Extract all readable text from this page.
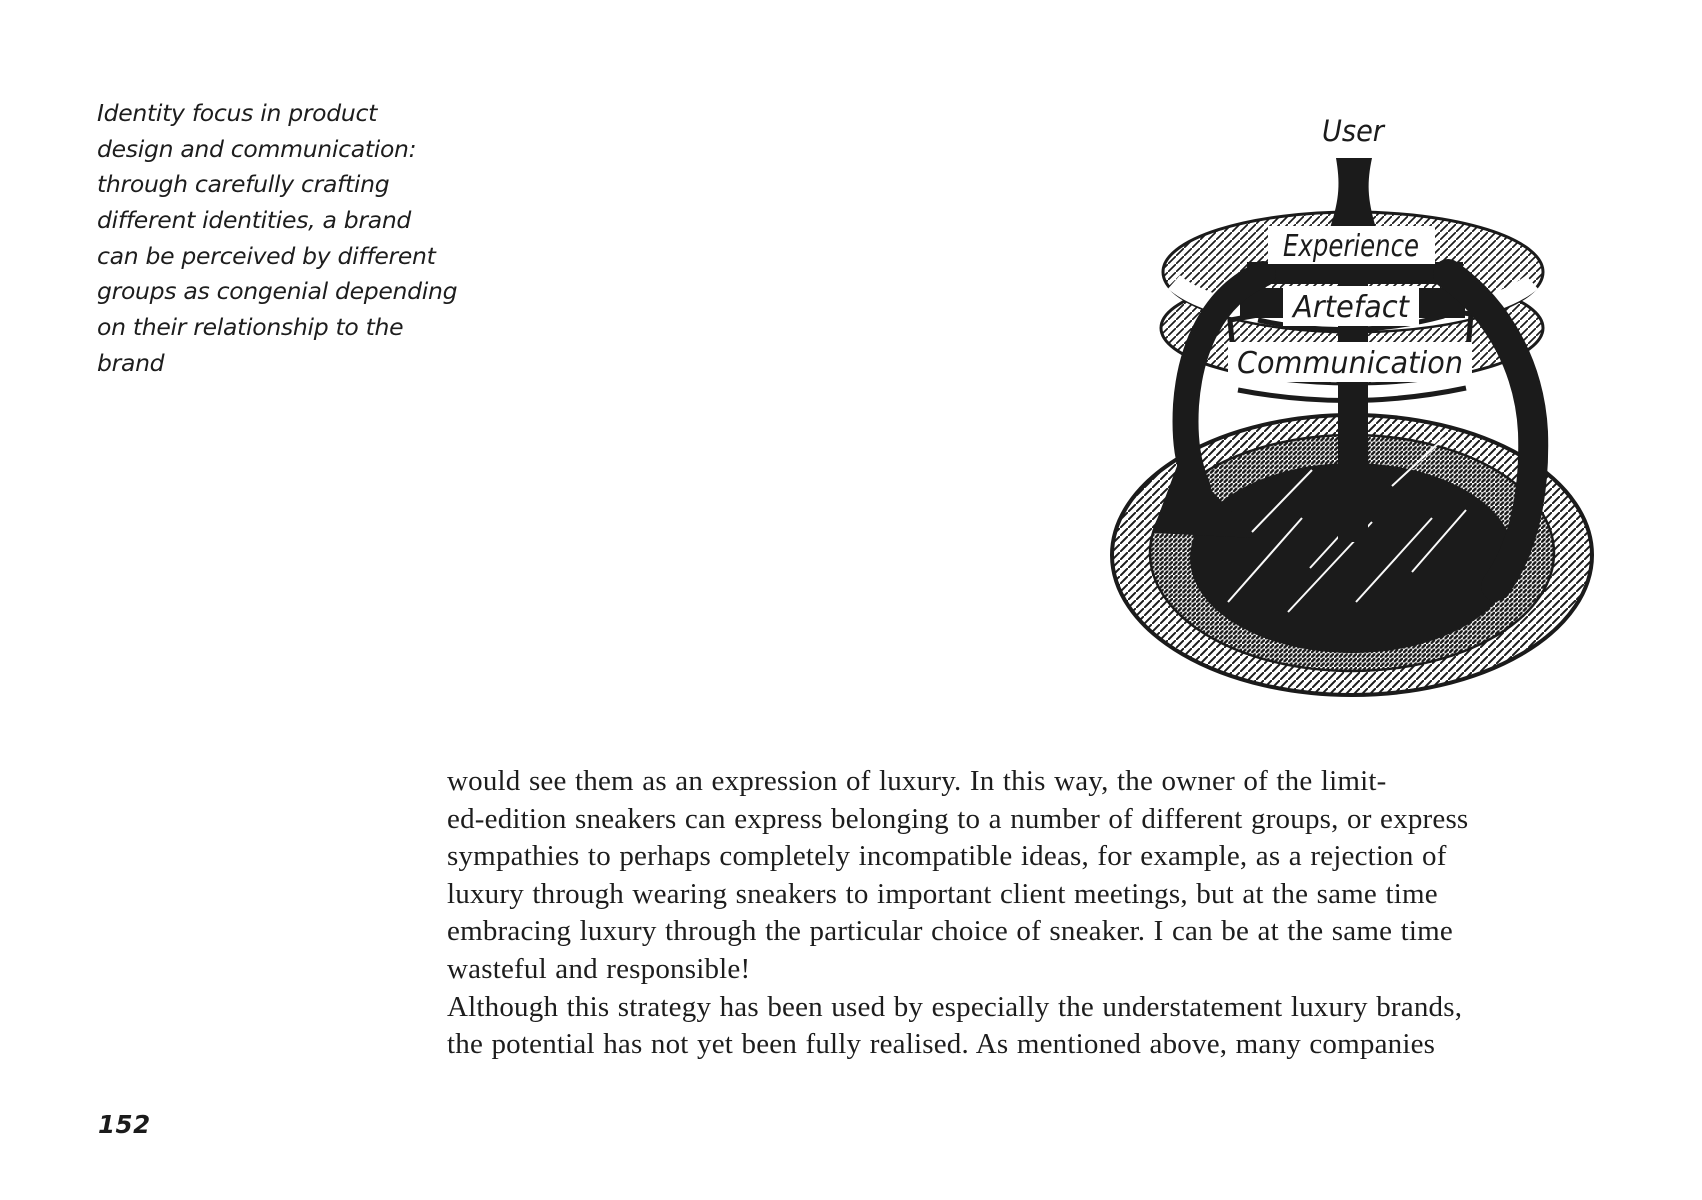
Identity focus in product
design and communication:
through carefully crafting
different identities, a brand
can be perceived by different
groups as congenial depending
on their relationship to the
brand
User
Experience
Artefact
Communication
would see them as an expression of luxury. In this way, the owner of the limit-
ed-edition sneakers can express belonging to a number of different groups, or express
sympathies to perhaps completely incompatible ideas, for example, as a rejection of
luxury through wearing sneakers to important client meetings, but at the same time
embracing luxury through the particular choice of sneaker. I can be at the same time
wasteful and responsible!
Although this strategy has been used by especially the understatement luxury brands,
the potential has not yet been fully realised. As mentioned above, many companies
152
